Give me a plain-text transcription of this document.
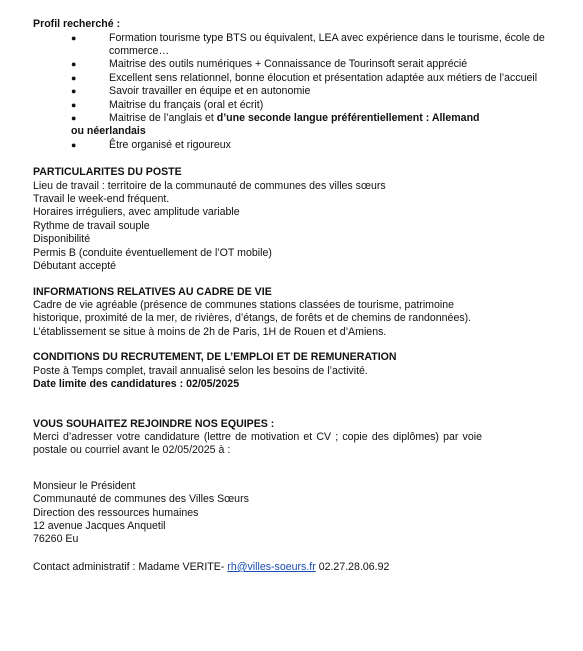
Profil recherché :
●	Formation tourisme type BTS ou équivalent, LEA avec expérience dans le tourisme, école de commerce…
●	Maitrise des outils numériques + Connaissance de Tourinsoft serait apprécié
●	Excellent sens relationnel, bonne élocution et présentation adaptée aux métiers de l’accueil
●	Savoir travailler en équipe et en autonomie
●	Maitrise du français (oral et écrit)
●	Maitrise de l’anglais et d’une seconde langue préférentiellement : Allemand
ou néerlandais
●	Être organisé et rigoureux
PARTICULARITES DU POSTE
Lieu de travail : territoire de la communauté de communes des villes sœurs
Travail le week-end fréquent.
Horaires irréguliers, avec amplitude variable
Rythme de travail souple
Disponibilité
Permis B (conduite éventuellement de l’OT mobile)
Débutant accepté
INFORMATIONS RELATIVES AU CADRE DE VIE
Cadre de vie agréable (présence de communes stations classées de tourisme, patrimoine
historique, proximité de la mer, de rivières, d’étangs, de forêts et de chemins de randonnées).
L’établissement se situe à moins de 2h de Paris, 1H de Rouen et d’Amiens.
CONDITIONS DU RECRUTEMENT, DE L’EMPLOI ET DE REMUNERATION
Poste à Temps complet, travail annualisé selon les besoins de l’activité.
Date limite des candidatures : 02/05/2025
VOUS SOUHAITEZ REJOINDRE NOS EQUIPES :
Merci d’adresser votre candidature (lettre de motivation et CV ; copie des diplômes) par voie
postale ou courriel avant le 02/05/2025 à :
Monsieur le Président
Communauté de communes des Villes Sœurs
Direction des ressources humaines
12 avenue Jacques Anquetil
76260 Eu
Contact administratif : Madame VERITE- rh@villes-soeurs.fr 02.27.28.06.92
